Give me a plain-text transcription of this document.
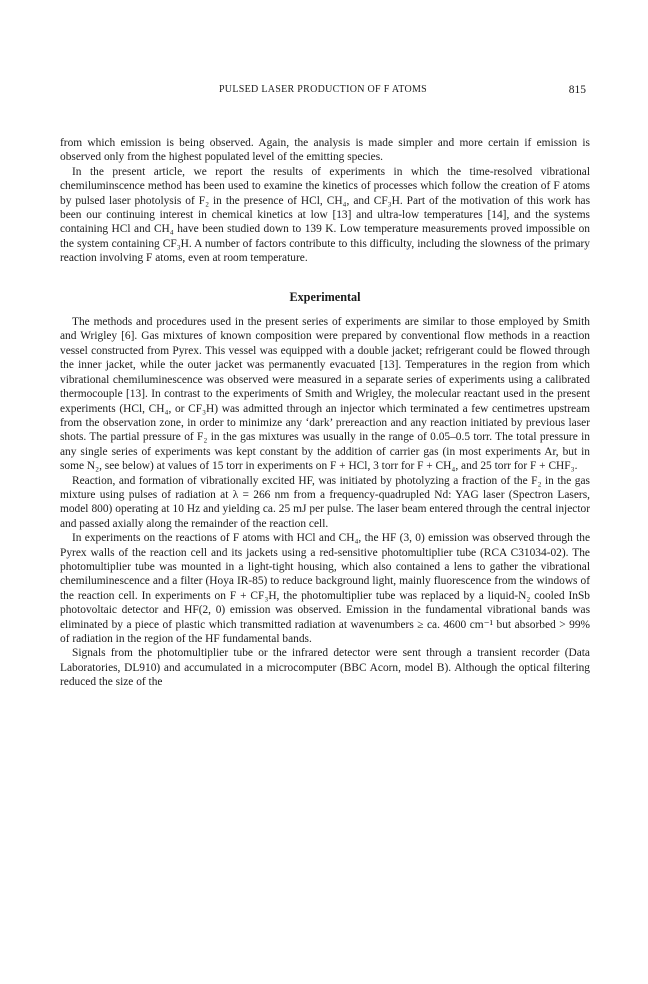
PULSED LASER PRODUCTION OF F ATOMS	815

from which emission is being observed. Again, the analysis is made simpler and more certain if emission is observed only from the highest populated level of the emitting species.

In the present article, we report the results of experiments in which the time-resolved vibrational chemiluminscence method has been used to examine the kinetics of processes which follow the creation of F atoms by pulsed laser photolysis of F₂ in the presence of HCl, CH₄, and CF₃H. Part of the motivation of this work has been our continuing interest in chemical kinetics at low [13] and ultra-low temperatures [14], and the systems containing HCl and CH₄ have been studied down to 139 K. Low temperature measurements proved impossible on the system containing CF₃H. A number of factors contribute to this difficulty, including the slowness of the primary reaction involving F atoms, even at room temperature.

Experimental

The methods and procedures used in the present series of experiments are similar to those employed by Smith and Wrigley [6]. Gas mixtures of known composition were prepared by conventional flow methods in a reaction vessel constructed from Pyrex. This vessel was equipped with a double jacket; refrigerant could be flowed through the inner jacket, while the outer jacket was permanently evacuated [13]. Temperatures in the region from which vibrational chemiluminescence was observed were measured in a separate series of experiments using a calibrated thermocouple [13]. In contrast to the experiments of Smith and Wrigley, the molecular reactant used in the present experiments (HCl, CH₄, or CF₃H) was admitted through an injector which terminated a few centimetres upstream from the observation zone, in order to minimize any ‘dark’ prereaction and any reaction initiated by previous laser shots. The partial pressure of F₂ in the gas mixtures was usually in the range of 0.05–0.5 torr. The total pressure in any single series of experiments was kept constant by the addition of carrier gas (in most experiments Ar, but in some N₂, see below) at values of 15 torr in experiments on F + HCl, 3 torr for F + CH₄, and 25 torr for F + CHF₃.

Reaction, and formation of vibrationally excited HF, was initiated by photolyzing a fraction of the F₂ in the gas mixture using pulses of radiation at λ = 266 nm from a frequency-quadrupled Nd: YAG laser (Spectron Lasers, model 800) operating at 10 Hz and yielding ca. 25 mJ per pulse. The laser beam entered through the central injector and passed axially along the remainder of the reaction cell.

In experiments on the reactions of F atoms with HCl and CH₄, the HF (3, 0) emission was observed through the Pyrex walls of the reaction cell and its jackets using a red-sensitive photomultiplier tube (RCA C31034-02). The photomultiplier tube was mounted in a light-tight housing, which also contained a lens to gather the vibrational chemiluminescence and a filter (Hoya IR-85) to reduce background light, mainly fluorescence from the windows of the reaction cell. In experiments on F + CF₃H, the photomultiplier tube was replaced by a liquid-N₂ cooled InSb photovoltaic detector and HF(2, 0) emission was observed. Emission in the fundamental vibrational bands was eliminated by a piece of plastic which transmitted radiation at wavenumbers ≥ ca. 4600 cm⁻¹ but absorbed > 99% of radiation in the region of the HF fundamental bands.

Signals from the photomultiplier tube or the infrared detector were sent through a transient recorder (Data Laboratories, DL910) and accumulated in a microcomputer (BBC Acorn, model B). Although the optical filtering reduced the size of the
